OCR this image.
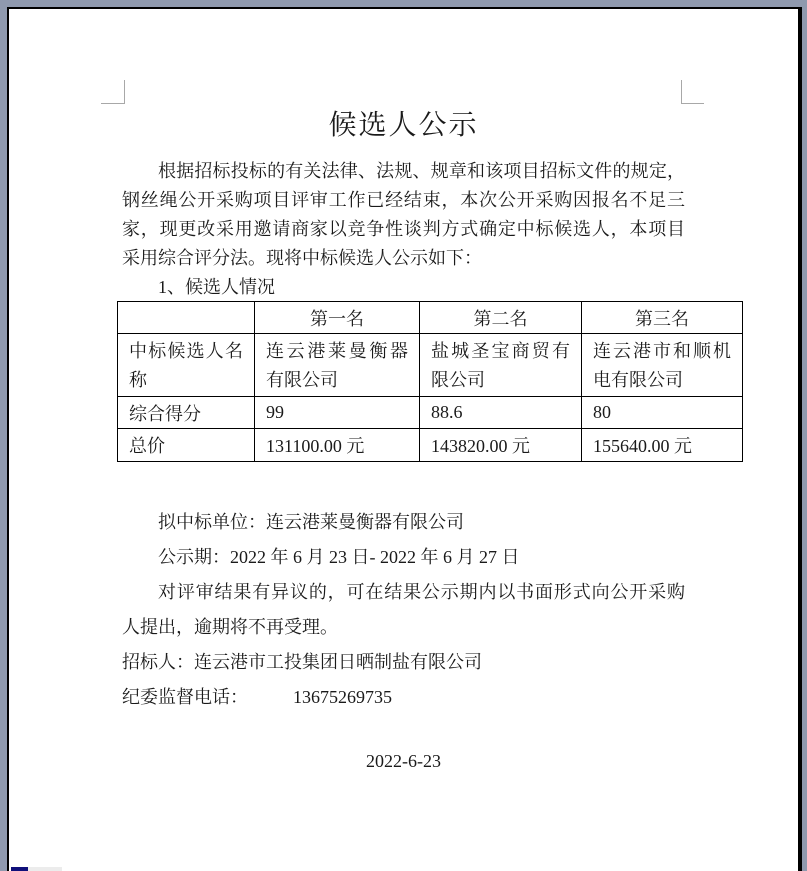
候选人公示
根据招标投标的有关法律、法规、规章和该项目招标文件的规定，
钢丝绳公开采购项目评审工作已经结束，本次公开采购因报名不足三
家，现更改采用邀请商家以竞争性谈判方式确定中标候选人，本项目
采用综合评分法。现将中标候选人公示如下：
1、候选人情况
拟中标单位：连云港莱曼衡器有限公司
公示期：2022 年 6 月 23 日- 2022 年 6 月 27 日
对评审结果有异议的，可在结果公示期内以书面形式向公开采购
人提出，逾期将不再受理。
招标人：连云港市工投集团日晒制盐有限公司
纪委监督电话：          13675269735
2022-6-23
	第一名	第二名	第三名
中标候选人名称	连云港莱曼衡器有限公司	盐城圣宝商贸有限公司	连云港市和顺机电有限公司
综合得分	99	88.6	80
总价	131100.00 元	143820.00 元	155640.00 元
